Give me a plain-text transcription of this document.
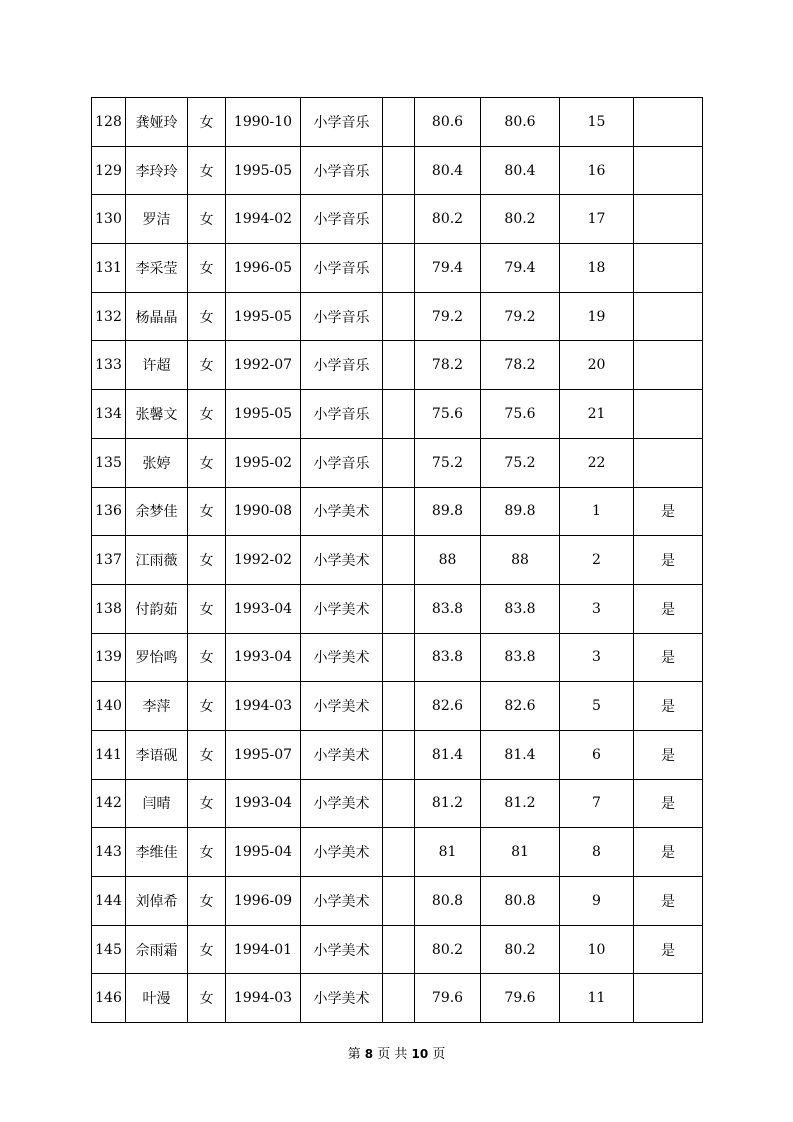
128	龚娅玲	女	1990-10	小学音乐		80.6	80.6	15	
129	李玲玲	女	1995-05	小学音乐		80.4	80.4	16	
130	罗洁	女	1994-02	小学音乐		80.2	80.2	17	
131	李采莹	女	1996-05	小学音乐		79.4	79.4	18	
132	杨晶晶	女	1995-05	小学音乐		79.2	79.2	19	
133	许超	女	1992-07	小学音乐		78.2	78.2	20	
134	张馨文	女	1995-05	小学音乐		75.6	75.6	21	
135	张婷	女	1995-02	小学音乐		75.2	75.2	22	
136	余梦佳	女	1990-08	小学美术		89.8	89.8	1	是
137	江雨薇	女	1992-02	小学美术		88	88	2	是
138	付韵茹	女	1993-04	小学美术		83.8	83.8	3	是
139	罗怡鸣	女	1993-04	小学美术		83.8	83.8	3	是
140	李萍	女	1994-03	小学美术		82.6	82.6	5	是
141	李语砚	女	1995-07	小学美术		81.4	81.4	6	是
142	闫晴	女	1993-04	小学美术		81.2	81.2	7	是
143	李维佳	女	1995-04	小学美术		81	81	8	是
144	刘倬希	女	1996-09	小学美术		80.8	80.8	9	是
145	佘雨霜	女	1994-01	小学美术		80.2	80.2	10	是
146	叶漫	女	1994-03	小学美术		79.6	79.6	11	
第 8 页 共 10 页
